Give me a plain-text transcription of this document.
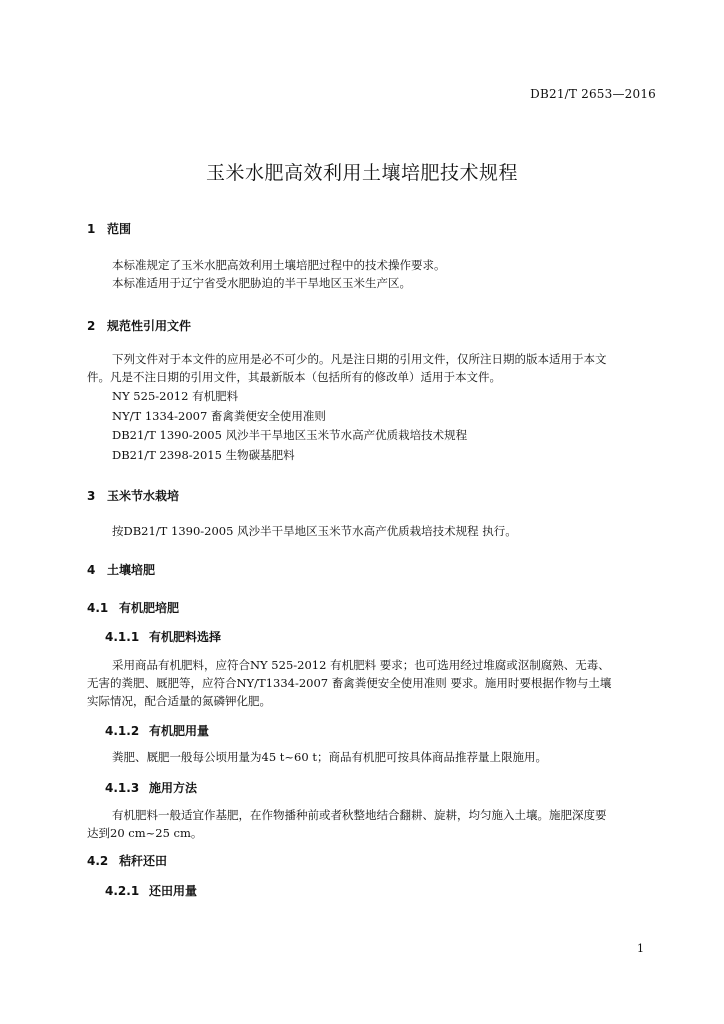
DB21/T 2653—2016
玉米水肥高效利用土壤培肥技术规程
1 范围
本标准规定了玉米水肥高效利用土壤培肥过程中的技术操作要求。
本标准适用于辽宁省受水肥胁迫的半干旱地区玉米生产区。
2 规范性引用文件
下列文件对于本文件的应用是必不可少的。凡是注日期的引用文件，仅所注日期的版本适用于本文
件。凡是不注日期的引用文件，其最新版本（包括所有的修改单）适用于本文件。
NY 525-2012 有机肥料
NY/T 1334-2007 畜禽粪便安全使用准则
DB21/T 1390-2005 风沙半干旱地区玉米节水高产优质栽培技术规程
DB21/T 2398-2015 生物碳基肥料
3 玉米节水栽培
按DB21/T 1390-2005 风沙半干旱地区玉米节水高产优质栽培技术规程 执行。
4 土壤培肥
4.1 有机肥培肥
4.1.1 有机肥料选择
采用商品有机肥料，应符合NY 525-2012 有机肥料 要求；也可选用经过堆腐或沤制腐熟、无毒、
无害的粪肥、厩肥等，应符合NY/T1334-2007 畜禽粪便安全使用准则 要求。施用时要根据作物与土壤
实际情况，配合适量的氮磷钾化肥。
4.1.2 有机肥用量
粪肥、厩肥一般每公顷用量为45 t~60 t；商品有机肥可按具体商品推荐量上限施用。
4.1.3 施用方法
有机肥料一般适宜作基肥，在作物播种前或者秋整地结合翻耕、旋耕，均匀施入土壤。施肥深度要
达到20 cm~25 cm。
4.2 秸秆还田
4.2.1 还田用量
1
